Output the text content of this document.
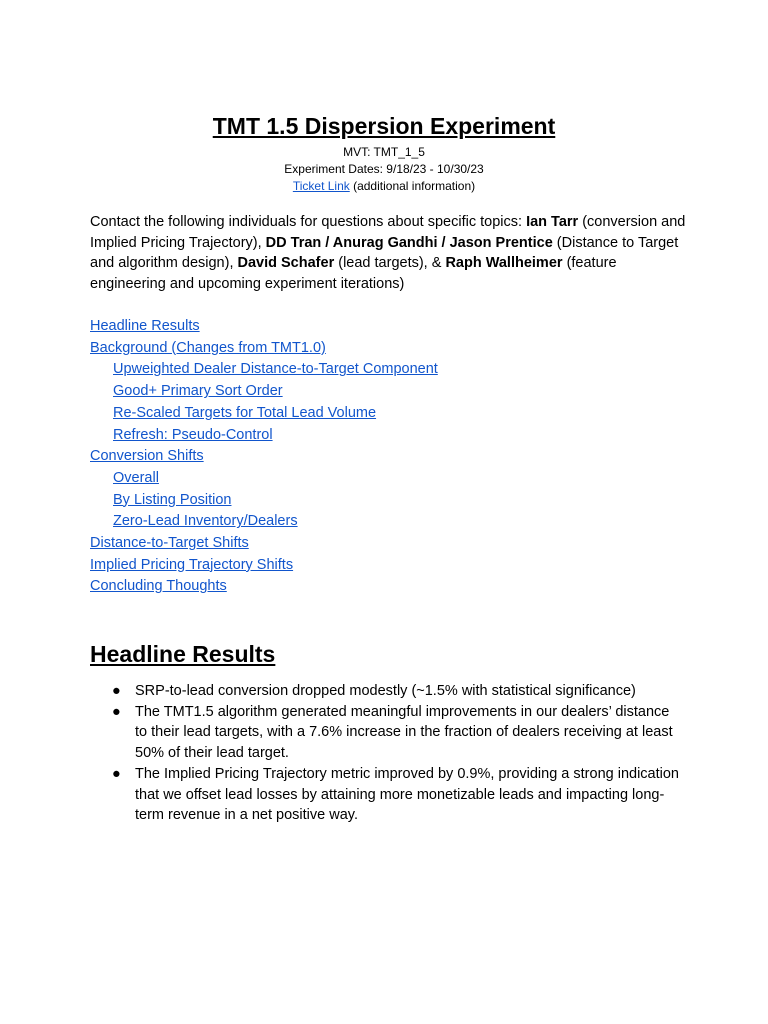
TMT 1.5 Dispersion Experiment
MVT: TMT_1_5
Experiment Dates: 9/18/23 - 10/30/23
Ticket Link (additional information)
Contact the following individuals for questions about specific topics: Ian Tarr (conversion and Implied Pricing Trajectory), DD Tran / Anurag Gandhi / Jason Prentice (Distance to Target and algorithm design), David Schafer (lead targets), & Raph Wallheimer (feature engineering and upcoming experiment iterations)
Headline Results
Background (Changes from TMT1.0)
Upweighted Dealer Distance-to-Target Component
Good+ Primary Sort Order
Re-Scaled Targets for Total Lead Volume
Refresh: Pseudo-Control
Conversion Shifts
Overall
By Listing Position
Zero-Lead Inventory/Dealers
Distance-to-Target Shifts
Implied Pricing Trajectory Shifts
Concluding Thoughts
Headline Results
● SRP-to-lead conversion dropped modestly (~1.5% with statistical significance)
● The TMT1.5 algorithm generated meaningful improvements in our dealers’ distance to their lead targets, with a 7.6% increase in the fraction of dealers receiving at least 50% of their lead target.
● The Implied Pricing Trajectory metric improved by 0.9%, providing a strong indication that we offset lead losses by attaining more monetizable leads and impacting long-term revenue in a net positive way.
